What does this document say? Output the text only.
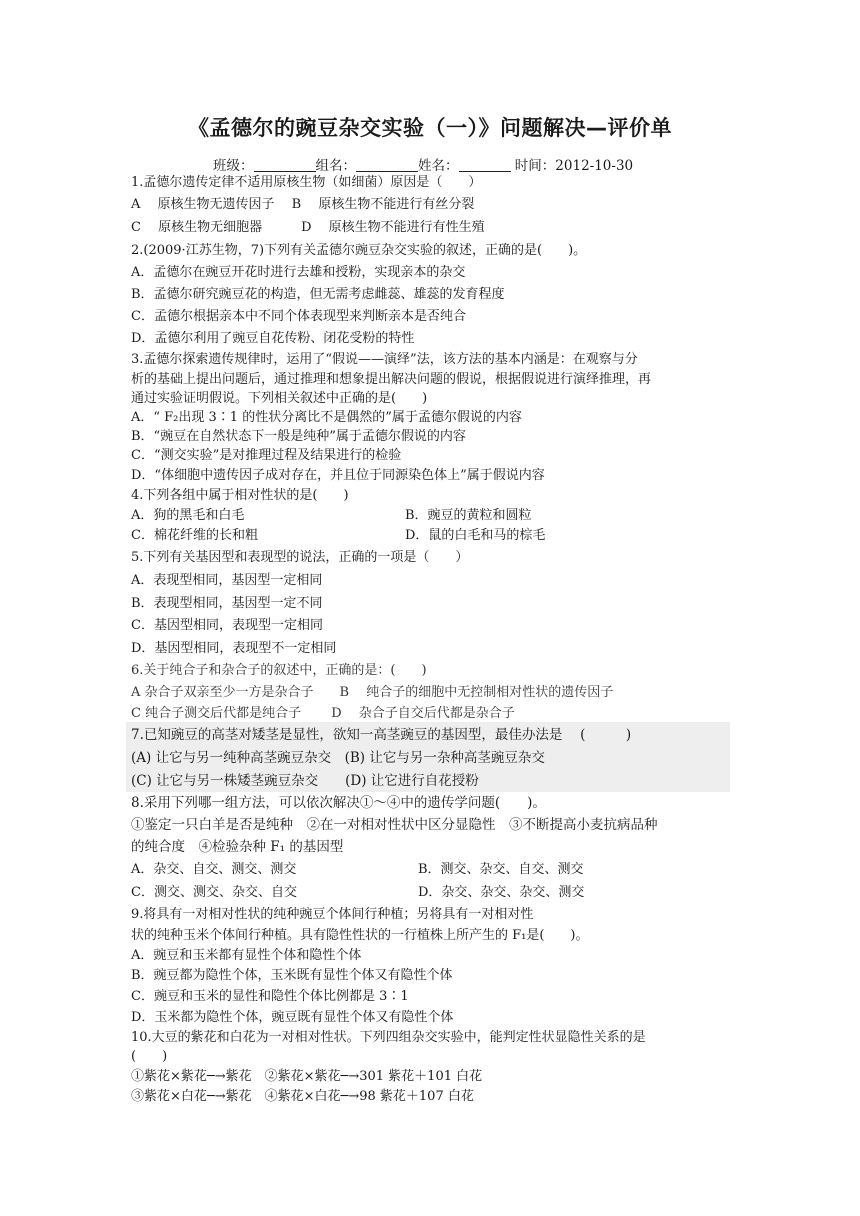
《孟德尔的豌豆杂交实验（一）》问题解决—评价单
班级：	组名：	姓名：	时间：2012-10-30
1.孟德尔遗传定律不适用原核生物（如细菌）原因是（　　）
A　 原核生物无遗传因子　 B　 原核生物不能进行有丝分裂
C　 原核生物无细胞器　　　D　 原核生物不能进行有性生殖
2.(2009·江苏生物，7)下列有关孟德尔豌豆杂交实验的叙述，正确的是(　　)。
A．孟德尔在豌豆开花时进行去雄和授粉，实现亲本的杂交
B．孟德尔研究豌豆花的构造，但无需考虑雌蕊、雄蕊的发育程度
C．孟德尔根据亲本中不同个体表现型来判断亲本是否纯合
D．孟德尔利用了豌豆自花传粉、闭花受粉的特性
3.孟德尔探索遗传规律时，运用了“假说——演绎”法，该方法的基本内涵是：在观察与分
析的基础上提出问题后，通过推理和想象提出解决问题的假说，根据假说进行演绎推理，再
通过实验证明假说。下列相关叙述中正确的是(　　)
A．“ F₂出现 3∶1 的性状分离比不是偶然的”属于孟德尔假说的内容
B．“豌豆在自然状态下一般是纯种”属于孟德尔假说的内容
C．“测交实验”是对推理过程及结果进行的检验
D．“体细胞中遗传因子成对存在，并且位于同源染色体上”属于假说内容
4.下列各组中属于相对性状的是(　　)
A．狗的黑毛和白毛	B．豌豆的黄粒和圆粒
C．棉花纤维的长和粗	D．鼠的白毛和马的棕毛
5.下列有关基因型和表现型的说法，正确的一项是（　　）
A．表现型相同，基因型一定相同
B．表现型相同，基因型一定不同
C．基因型相同，表现型一定相同
D．基因型相同，表现型不一定相同
6.关于纯合子和杂合子的叙述中，正确的是：(　　)
A 杂合子双亲至少一方是杂合子　　B　 纯合子的细胞中无控制相对性状的遗传因子
C 纯合子测交后代都是纯合子　　 D　 杂合子自交后代都是杂合子
7.已知豌豆的高茎对矮茎是显性，欲知一高茎豌豆的基因型，最佳办法是　 (　　　)
(A) 让它与另一纯种高茎豌豆杂交　(B) 让它与另一杂种高茎豌豆杂交
(C) 让它与另一株矮茎豌豆杂交　　(D) 让它进行自花授粉
8.采用下列哪一组方法，可以依次解决①～④中的遗传学问题(　　)。
①鉴定一只白羊是否是纯种　②在一对相对性状中区分显隐性　③不断提高小麦抗病品种
的纯合度　④检验杂种 F₁ 的基因型
A．杂交、自交、测交、测交	B．测交、杂交、自交、测交
C．测交、测交、杂交、自交	D．杂交、杂交、杂交、测交
9.将具有一对相对性状的纯种豌豆个体间行种植；另将具有一对相对性
状的纯种玉米个体间行种植。具有隐性性状的一行植株上所产生的 F₁是(　　)。
A．豌豆和玉米都有显性个体和隐性个体
B．豌豆都为隐性个体，玉米既有显性个体又有隐性个体
C．豌豆和玉米的显性和隐性个体比例都是 3∶1
D．玉米都为隐性个体，豌豆既有显性个体又有隐性个体
10.大豆的紫花和白花为一对相对性状。下列四组杂交实验中，能判定性状显隐性关系的是
(　　)
①紫花×紫花─→紫花　②紫花×紫花─→301 紫花＋101 白花
③紫花×白花─→紫花　④紫花×白花─→98 紫花＋107 白花
